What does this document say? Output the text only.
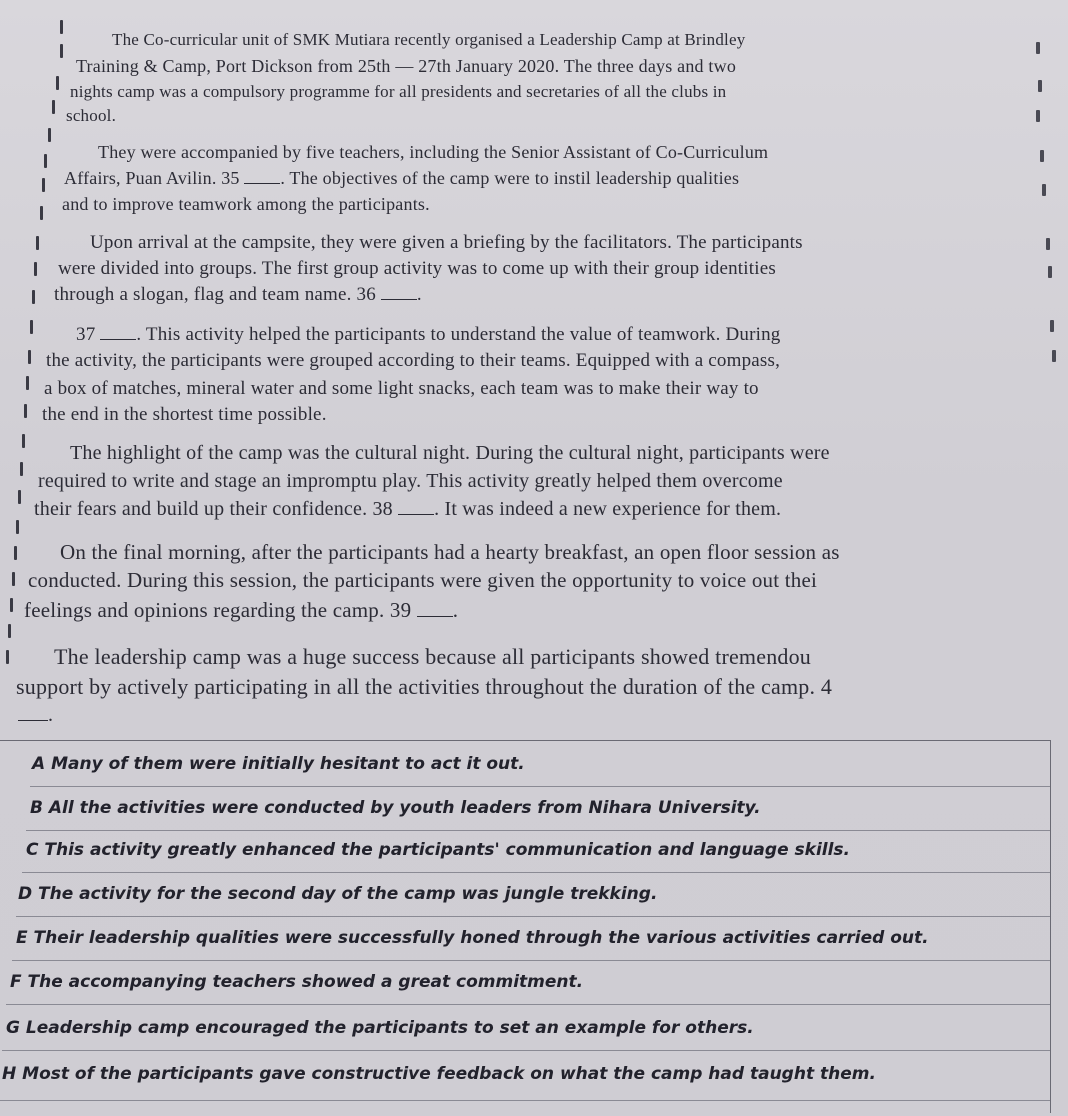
The Co-curricular unit of SMK Mutiara recently organised a Leadership Camp at Brindley
Training & Camp, Port Dickson from 25th — 27th January 2020. The three days and two
nights camp was a compulsory programme for all presidents and secretaries of all the clubs in
school.
They were accompanied by five teachers, including the Senior Assistant of Co-Curriculum
Affairs, Puan Avilin. 35 . The objectives of the camp were to instil leadership qualities
and to improve teamwork among the participants.
Upon arrival at the campsite, they were given a briefing by the facilitators. The participants
were divided into groups. The first group activity was to come up with their group identities
through a slogan, flag and team name. 36 .
37 . This activity helped the participants to understand the value of teamwork. During
the activity, the participants were grouped according to their teams. Equipped with a compass,
a box of matches, mineral water and some light snacks, each team was to make their way to
the end in the shortest time possible.
The highlight of the camp was the cultural night. During the cultural night, participants were
required to write and stage an impromptu play. This activity greatly helped them overcome
their fears and build up their confidence. 38 . It was indeed a new experience for them.
On the final morning, after the participants had a hearty breakfast, an open floor session as
conducted. During this session, the participants were given the opportunity to voice out thei
feelings and opinions regarding the camp. 39 .
The leadership camp was a huge success because all participants showed tremendou
support by actively participating in all the activities throughout the duration of the camp. 4
.
A Many of them were initially hesitant to act it out.
B All the activities were conducted by youth leaders from Nihara University.
C This activity greatly enhanced the participants' communication and language skills.
D The activity for the second day of the camp was jungle trekking.
E Their leadership qualities were successfully honed through the various activities carried out.
F The accompanying teachers showed a great commitment.
G Leadership camp encouraged the participants to set an example for others.
H Most of the participants gave constructive feedback on what the camp had taught them.
